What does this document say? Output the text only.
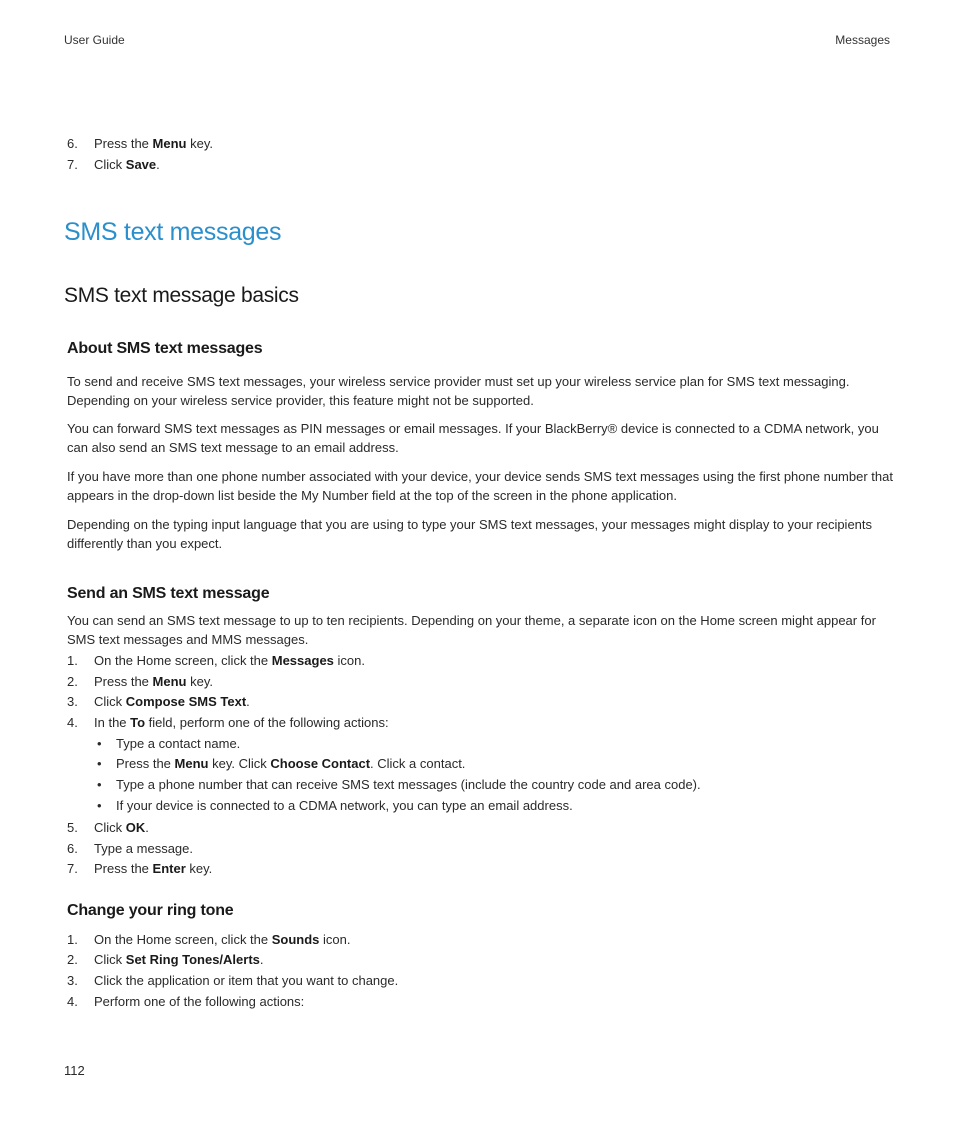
User Guide	Messages
6.	Press the Menu key.
7.	Click Save.
SMS text messages
SMS text message basics
About SMS text messages

To send and receive SMS text messages, your wireless service provider must set up your wireless service plan for SMS text messaging. Depending on your wireless service provider, this feature might not be supported.

You can forward SMS text messages as PIN messages or email messages. If your BlackBerry® device is connected to a CDMA network, you can also send an SMS text message to an email address.

If you have more than one phone number associated with your device, your device sends SMS text messages using the first phone number that appears in the drop-down list beside the My Number field at the top of the screen in the phone application.

Depending on the typing input language that you are using to type your SMS text messages, your messages might display to your recipients differently than you expect.

Send an SMS text message

You can send an SMS text message to up to ten recipients. Depending on your theme, a separate icon on the Home screen might appear for SMS text messages and MMS messages.

1.	On the Home screen, click the Messages icon.
2.	Press the Menu key.
3.	Click Compose SMS Text.
4.	In the To field, perform one of the following actions:
• Type a contact name.
• Press the Menu key. Click Choose Contact. Click a contact.
• Type a phone number that can receive SMS text messages (include the country code and area code).
• If your device is connected to a CDMA network, you can type an email address.
5.	Click OK.
6.	Type a message.
7.	Press the Enter key.
Change your ring tone
1.	On the Home screen, click the Sounds icon.
2.	Click Set Ring Tones/Alerts.
3.	Click the application or item that you want to change.
4.	Perform one of the following actions:
112
